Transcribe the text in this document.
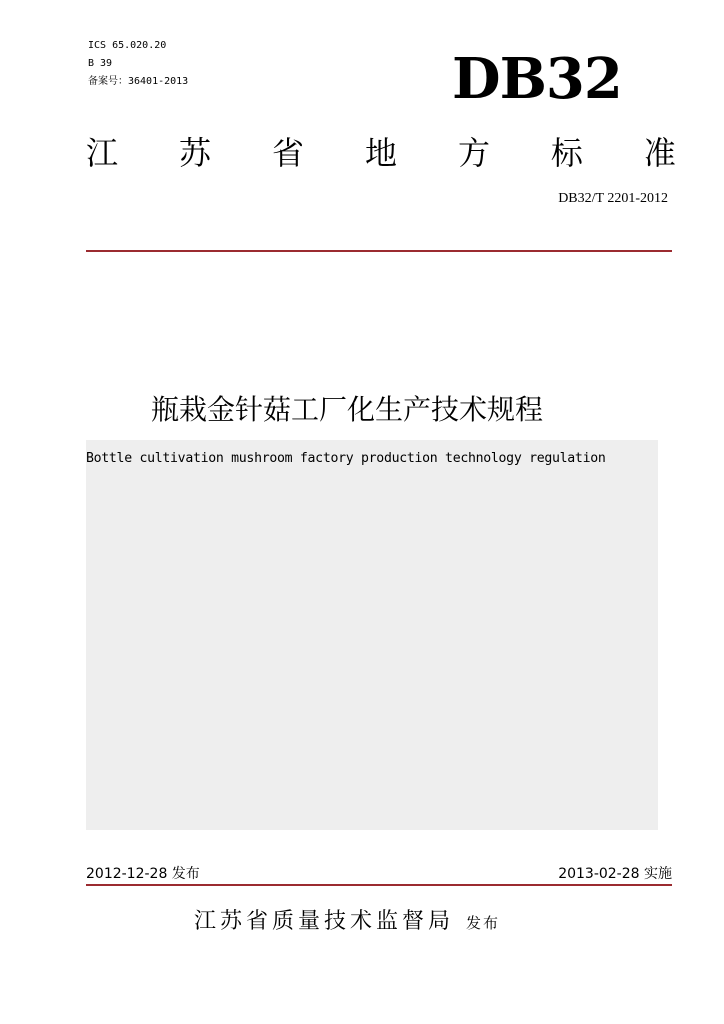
ICS 65.020.20
B 39
备案号：36401-2013	DB32
江 苏 省 地 方 标 准
DB32/T 2201-2012
瓶栽金针菇工厂化生产技术规程
Bottle cultivation mushroom factory production technology regulation
2012-12-28 发布	2013-02-28 实施
江苏省质量技术监督局 发布
